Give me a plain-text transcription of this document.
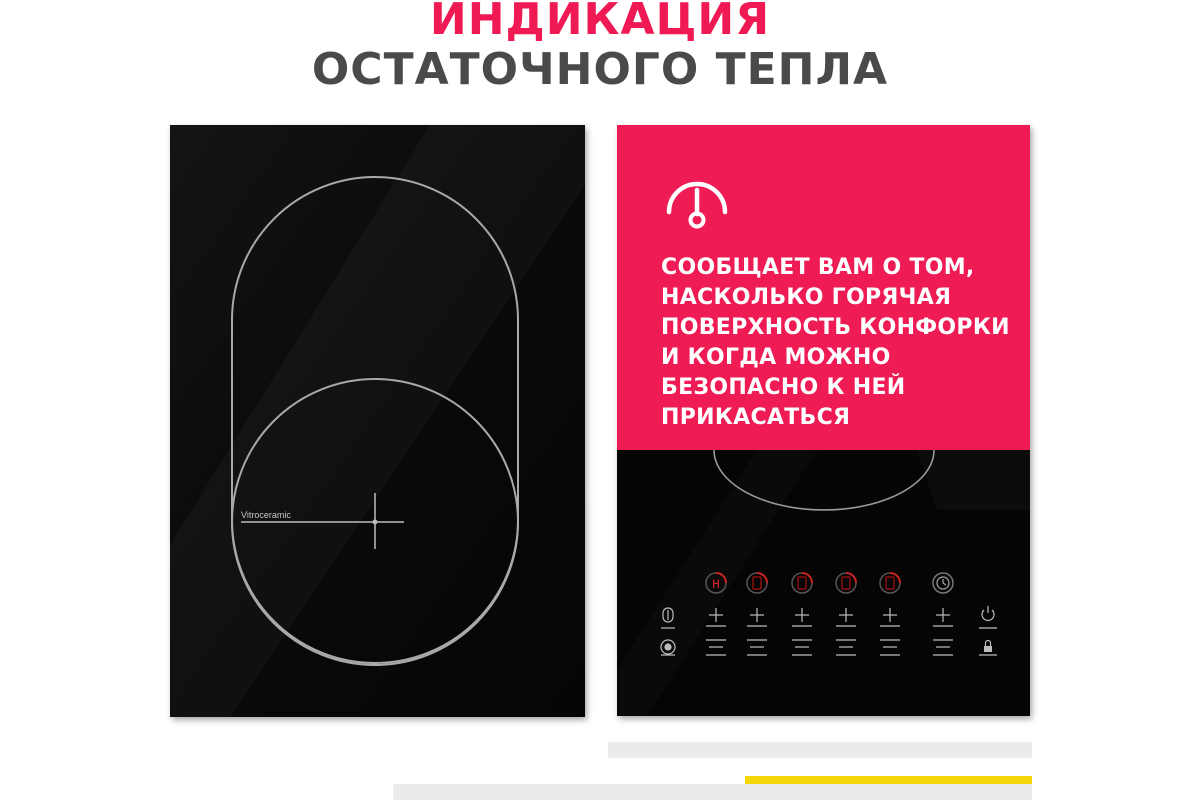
ИНДИКАЦИЯ
ОСТАТОЧНОГО ТЕПЛА
Vitroceramic
СООБЩАЕТ ВАМ О ТОМ,
НАСКОЛЬКО ГОРЯЧАЯ
ПОВЕРХНОСТЬ КОНФОРКИ
И КОГДА МОЖНО
БЕЗОПАСНО К НЕЙ
ПРИКАСАТЬСЯ
H
